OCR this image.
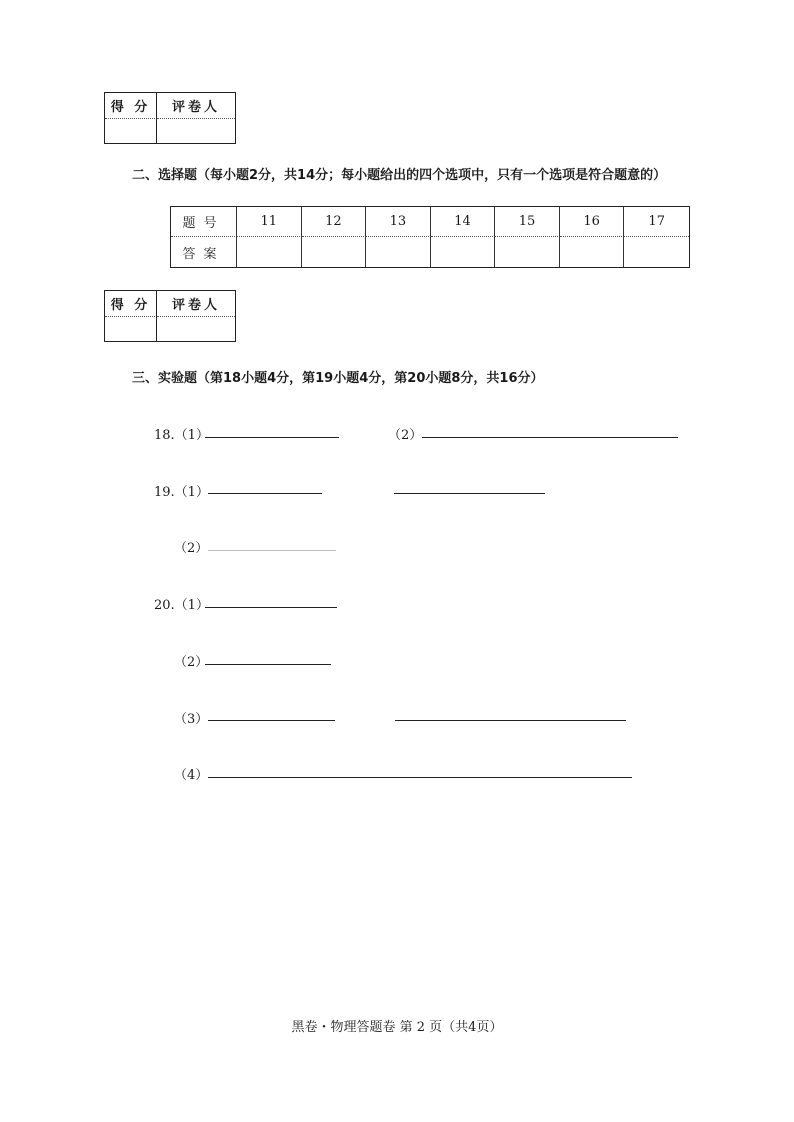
得 分	评卷人
二、选择题（每小题2分，共14分；每小题给出的四个选项中，只有一个选项是符合题意的）
题号	11	12	13	14	15	16	17
答案
得 分	评卷人
三、实验题（第18小题4分，第19小题4分，第20小题8分，共16分）
18.（1）	（2）
19.（1）
（2）
20.（1）
（2）
（3）
（4）
黑卷・物理答题卷 第 2 页（共4页）
